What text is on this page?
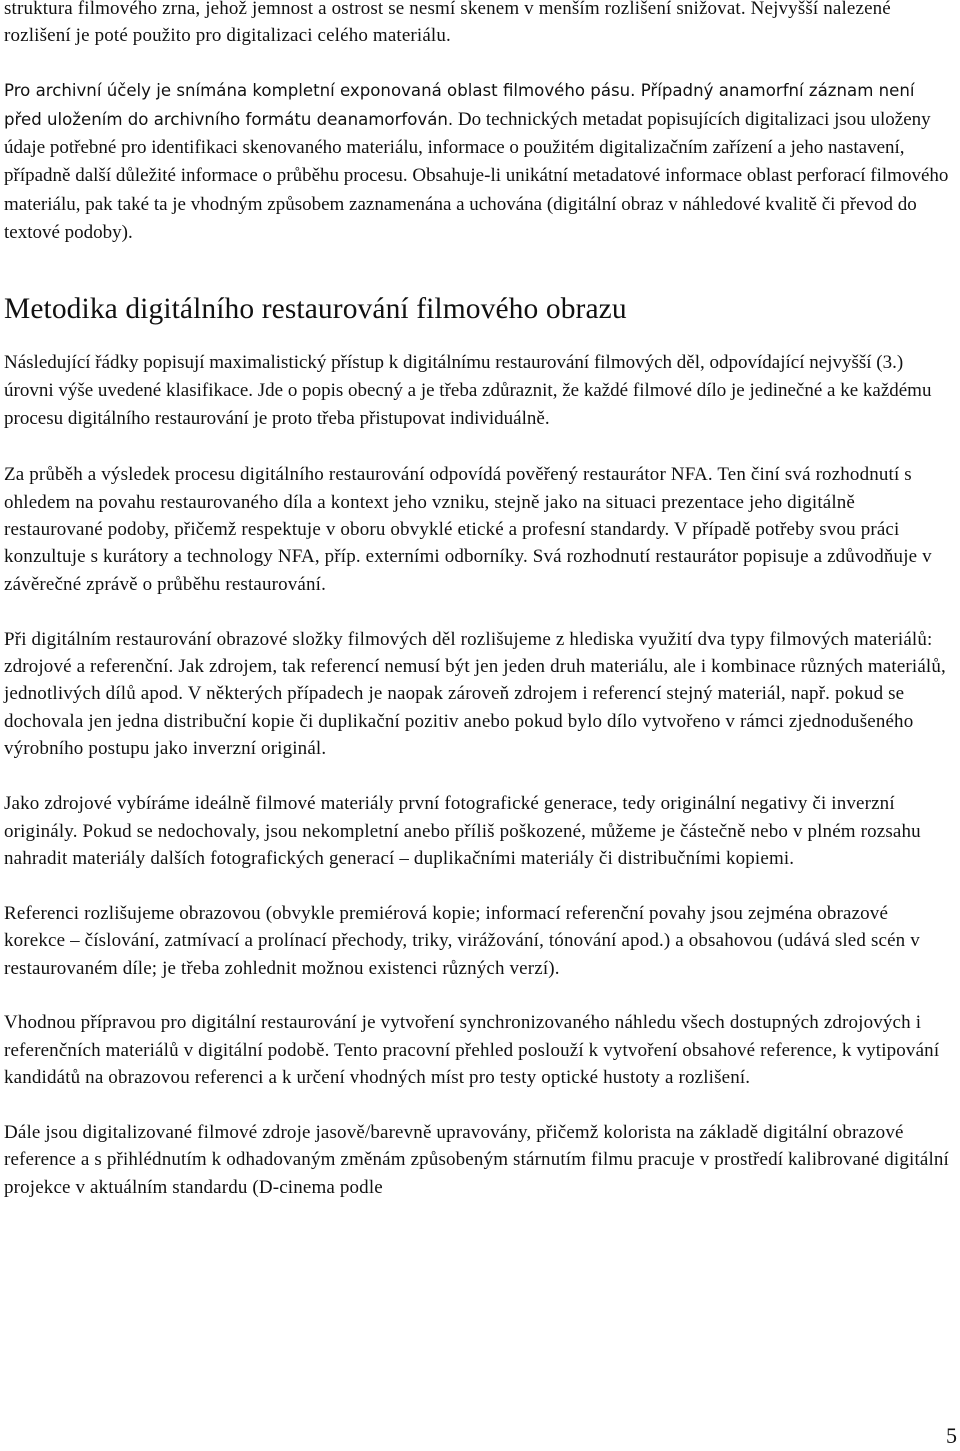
struktura filmového zrna, jehož jemnost a ostrost se nesmí skenem v menším rozlišení snižovat. Nejvyšší nalezené rozlišení je poté použito pro digitalizaci celého materiálu.

Pro archivní účely je snímána kompletní exponovaná oblast filmového pásu. Případný anamorfní záznam není před uložením do archivního formátu deanamorfován. Do technických metadat popisujících digitalizaci jsou uloženy údaje potřebné pro identifikaci skenovaného materiálu, informace o použitém digitalizačním zařízení a jeho nastavení, případně další důležité informace o průběhu procesu. Obsahuje-li unikátní metadatové informace oblast perforací filmového materiálu, pak také ta je vhodným způsobem zaznamenána a uchována (digitální obraz v náhledové kvalitě či převod do textové podoby).

Metodika digitálního restaurování filmového obrazu

Následující řádky popisují maximalistický přístup k digitálnímu restaurování filmových děl, odpovídající nejvyšší (3.) úrovni výše uvedené klasifikace. Jde o popis obecný a je třeba zdůraznit, že každé filmové dílo je jedinečné a ke každému procesu digitálního restaurování je proto třeba přistupovat individuálně.

Za průběh a výsledek procesu digitálního restaurování odpovídá pověřený restaurátor NFA. Ten činí svá rozhodnutí s ohledem na povahu restaurovaného díla a kontext jeho vzniku, stejně jako na situaci prezentace jeho digitálně restaurované podoby, přičemž respektuje v oboru obvyklé etické a profesní standardy. V případě potřeby svou práci konzultuje s kurátory a technology NFA, příp. externími odborníky. Svá rozhodnutí restaurátor popisuje a zdůvodňuje v závěrečné zprávě o průběhu restaurování.

Při digitálním restaurování obrazové složky filmových děl rozlišujeme z hlediska využití dva typy filmových materiálů: zdrojové a referenční. Jak zdrojem, tak referencí nemusí být jen jeden druh materiálu, ale i kombinace různých materiálů, jednotlivých dílů apod. V některých případech je naopak zároveň zdrojem i referencí stejný materiál, např. pokud se dochovala jen jedna distribuční kopie či duplikační pozitiv anebo pokud bylo dílo vytvořeno v rámci zjednodušeného výrobního postupu jako inverzní originál.

Jako zdrojové vybíráme ideálně filmové materiály první fotografické generace, tedy originální negativy či inverzní originály. Pokud se nedochovaly, jsou nekompletní anebo příliš poškozené, můžeme je částečně nebo v plném rozsahu nahradit materiály dalších fotografických generací – duplikačními materiály či distribučními kopiemi.

Referenci rozlišujeme obrazovou (obvykle premiérová kopie; informací referenční povahy jsou zejména obrazové korekce – číslování, zatmívací a prolínací přechody, triky, virážování, tónování apod.) a obsahovou (udává sled scén v restaurovaném díle; je třeba zohlednit možnou existenci různých verzí).

Vhodnou přípravou pro digitální restaurování je vytvoření synchronizovaného náhledu všech dostupných zdrojových i referenčních materiálů v digitální podobě. Tento pracovní přehled poslouží k vytvoření obsahové reference, k vytipování kandidátů na obrazovou referenci a k určení vhodných míst pro testy optické hustoty a rozlišení.

Dále jsou digitalizované filmové zdroje jasově/barevně upravovány, přičemž kolorista na základě digitální obrazové reference a s přihlédnutím k odhadovaným změnám způsobeným stárnutím filmu pracuje v prostředí kalibrované digitální projekce v aktuálním standardu (D-cinema podle

5
